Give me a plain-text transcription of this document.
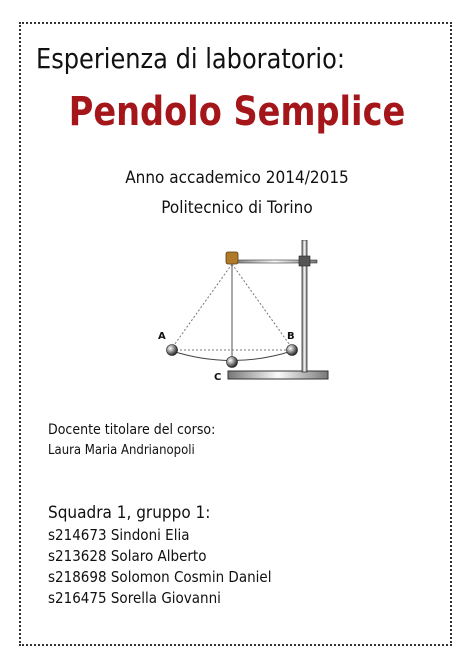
Esperienza di laboratorio:
Pendolo Semplice
Anno accademico 2014/2015
Politecnico di Torino
A	B
C
Docente titolare del corso:
Laura Maria Andrianopoli
Squadra 1, gruppo 1:
s214673 Sindoni Elia
s213628 Solaro Alberto
s218698 Solomon Cosmin Daniel
s216475 Sorella Giovanni
